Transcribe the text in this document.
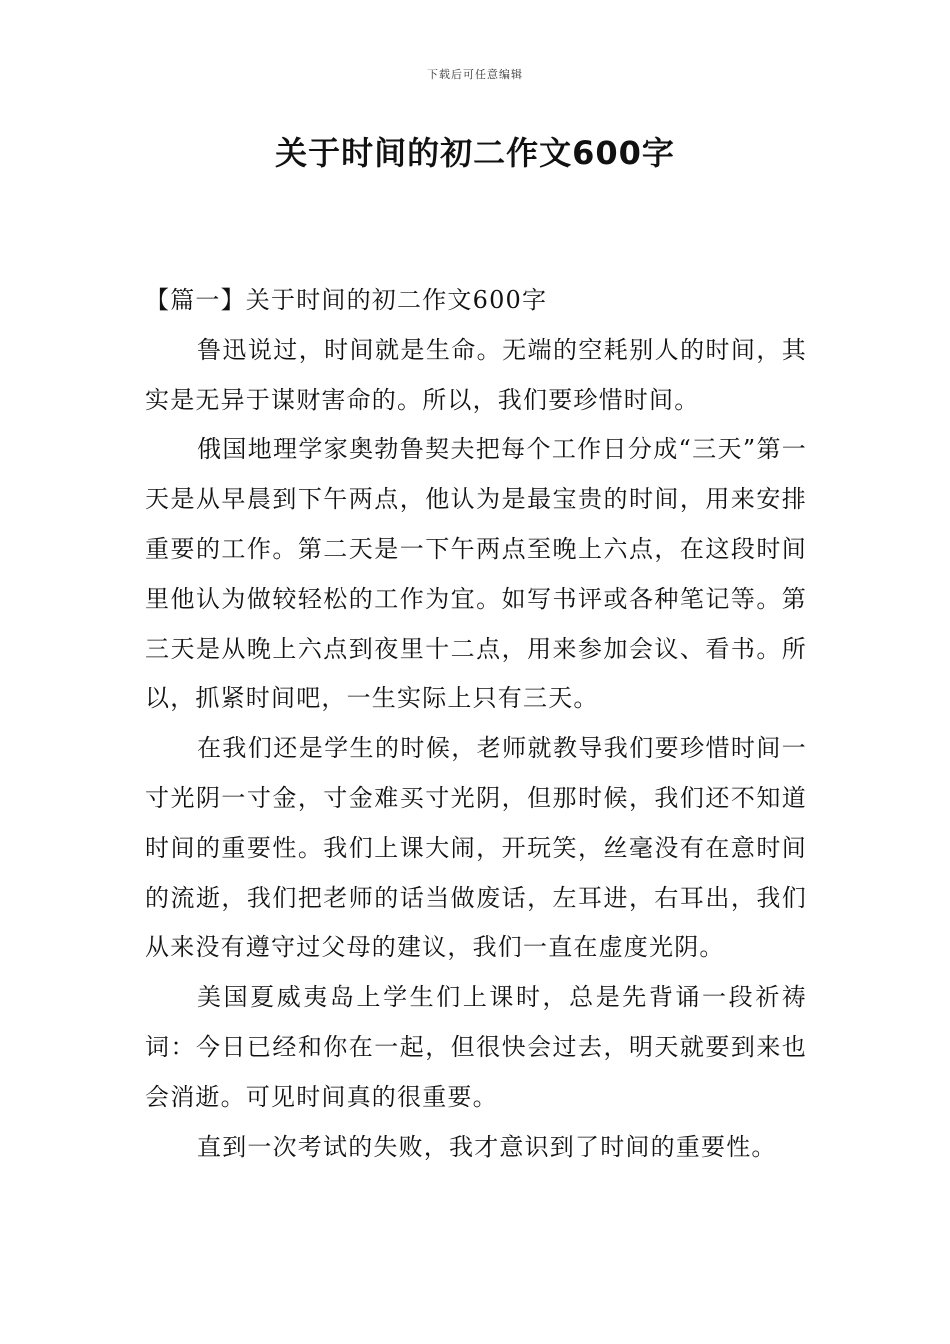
下载后可任意编辑
关于时间的初二作文600字

【篇一】关于时间的初二作文600字

鲁迅说过，时间就是生命。无端的空耗别人的时间，其实是无异于谋财害命的。所以，我们要珍惜时间。

俄国地理学家奥勃鲁契夫把每个工作日分成“三天”第一天是从早晨到下午两点，他认为是最宝贵的时间，用来安排重要的工作。第二天是一下午两点至晚上六点，在这段时间里他认为做较轻松的工作为宜。如写书评或各种笔记等。第三天是从晚上六点到夜里十二点，用来参加会议、看书。所以，抓紧时间吧，一生实际上只有三天。

在我们还是学生的时候，老师就教导我们要珍惜时间一寸光阴一寸金，寸金难买寸光阴，但那时候，我们还不知道时间的重要性。我们上课大闹，开玩笑，丝毫没有在意时间的流逝，我们把老师的话当做废话，左耳进，右耳出，我们从来没有遵守过父母的建议，我们一直在虚度光阴。

美国夏威夷岛上学生们上课时，总是先背诵一段祈祷词：今日已经和你在一起，但很快会过去，明天就要到来也会消逝。可见时间真的很重要。

直到一次考试的失败，我才意识到了时间的重要性。
